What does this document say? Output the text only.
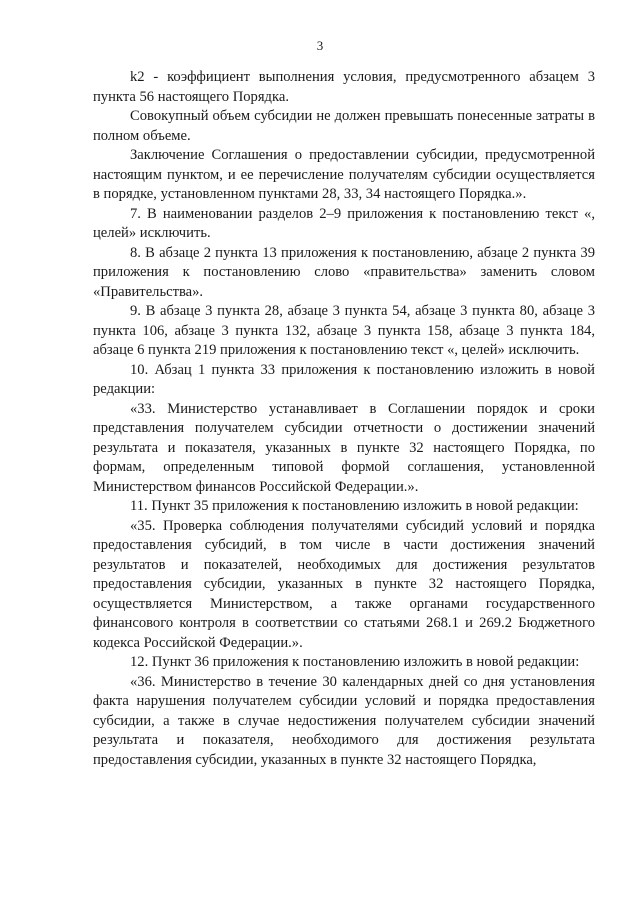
3

k2 - коэффициент выполнения условия, предусмотренного абзацем 3 пункта 56 настоящего Порядка.

Совокупный объем субсидии не должен превышать понесенные затраты в полном объеме.

Заключение Соглашения о предоставлении субсидии, предусмотренной настоящим пунктом, и ее перечисление получателям субсидии осуществляется в порядке, установленном пунктами 28, 33, 34 настоящего Порядка.».

7. В наименовании разделов 2–9 приложения к постановлению текст «, целей» исключить.

8. В абзаце 2 пункта 13 приложения к постановлению, абзаце 2 пункта 39 приложения к постановлению слово «правительства» заменить словом «Правительства».

9. В абзаце 3 пункта 28, абзаце 3 пункта 54, абзаце 3 пункта 80, абзаце 3 пункта 106, абзаце 3 пункта 132, абзаце 3 пункта 158, абзаце 3 пункта 184, абзаце 6 пункта 219 приложения к постановлению текст «, целей» исключить.

10. Абзац 1 пункта 33 приложения к постановлению изложить в новой редакции:

«33. Министерство устанавливает в Соглашении порядок и сроки представления получателем субсидии отчетности о достижении значений результата и показателя, указанных в пункте 32 настоящего Порядка, по формам, определенным типовой формой соглашения, установленной Министерством финансов Российской Федерации.».

11. Пункт 35 приложения к постановлению изложить в новой редакции:

«35. Проверка соблюдения получателями субсидий условий и порядка предоставления субсидий, в том числе в части достижения значений результатов и показателей, необходимых для достижения результатов предоставления субсидии, указанных в пункте 32 настоящего Порядка, осуществляется Министерством, а также органами государственного финансового контроля в соответствии со статьями 268.1 и 269.2 Бюджетного кодекса Российской Федерации.».

12. Пункт 36 приложения к постановлению изложить в новой редакции:

«36. Министерство в течение 30 календарных дней со дня установления факта нарушения получателем субсидии условий и порядка предоставления субсидии, а также в случае недостижения получателем субсидии значений результата и показателя, необходимого для достижения результата предоставления субсидии, указанных в пункте 32 настоящего Порядка,
